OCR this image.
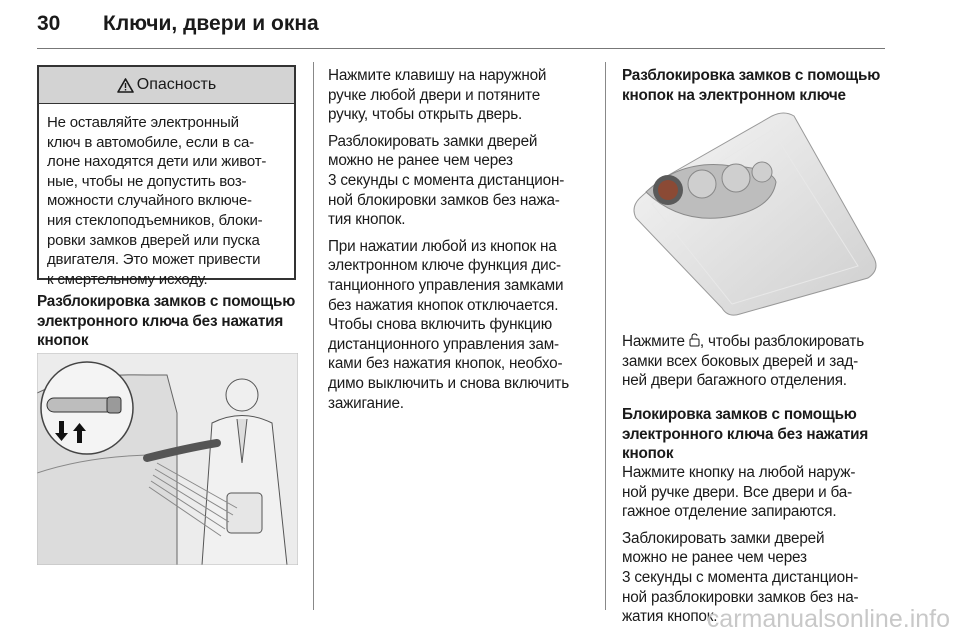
30 Ключи, двери и окна
Опасность
Не оставляйте электронный
ключ в автомобиле, если в са-
лоне находятся дети или живот-
ные, чтобы не допустить воз-
можности случайного включе-
ния стеклоподъемников, блоки-
ровки замков дверей или пуска
двигателя. Это может привести
к смертельному исходу.
Разблокировка замков с помощью
электронного ключа без нажатия
кнопок

Нажмите клавишу на наружной
ручке любой двери и потяните
ручку, чтобы открыть дверь.

Разблокировать замки дверей
можно не ранее чем через
3 секунды с момента дистанцион-
ной блокировки замков без нажа-
тия кнопок.

При нажатии любой из кнопок на
электронном ключе функция дис-
танционного управления замками
без нажатия кнопок отключается.
Чтобы снова включить функцию
дистанционного управления зам-
ками без нажатия кнопок, необхо-
димо выключить и снова включить
зажигание.

Разблокировка замков с помощью
кнопок на электронном ключе

Нажмите , чтобы разблокировать
замки всех боковых дверей и зад-
ней двери багажного отделения.

Блокировка замков с помощью
электронного ключа без нажатия
кнопок

Нажмите кнопку на любой наруж-
ной ручке двери. Все двери и ба-
гажное отделение запираются.

Заблокировать замки дверей
можно не ранее чем через
3 секунды с момента дистанцион-
ной разблокировки замков без на-
жатия кнопок.

carmanualsonline.info
